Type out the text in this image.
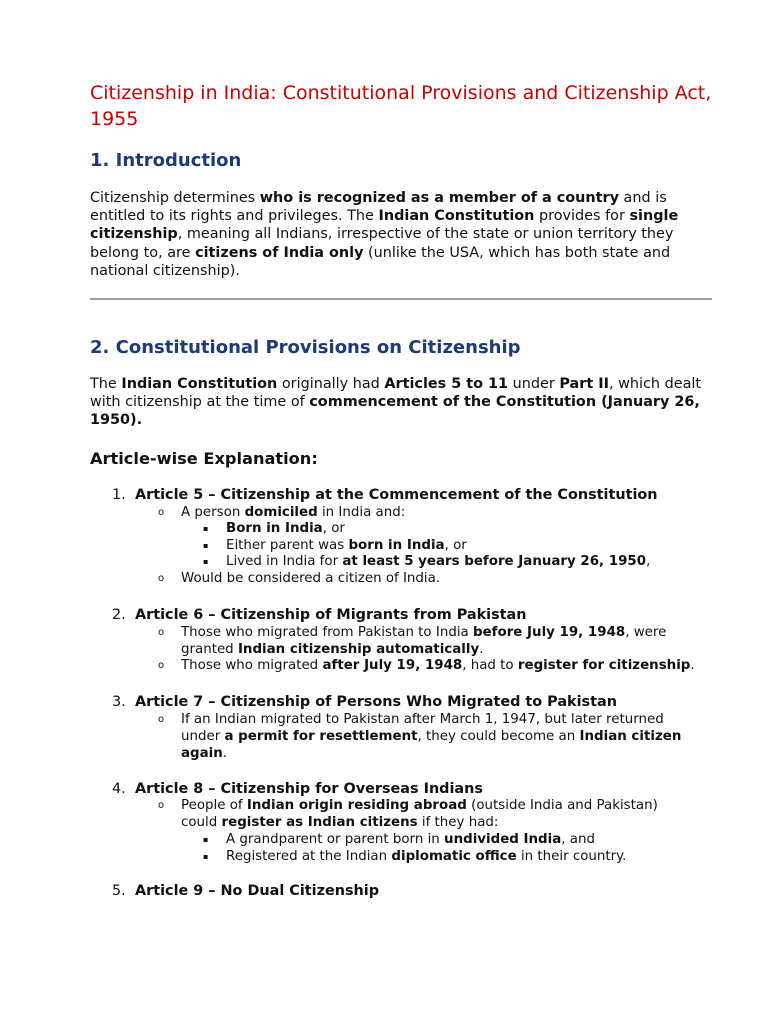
Citizenship in India: Constitutional Provisions and Citizenship Act, 1955
1. Introduction

Citizenship determines who is recognized as a member of a country and is entitled to its rights and privileges. The Indian Constitution provides for single citizenship, meaning all Indians, irrespective of the state or union territory they belong to, are citizens of India only (unlike the USA, which has both state and national citizenship).

2. Constitutional Provisions on Citizenship

The Indian Constitution originally had Articles 5 to 11 under Part II, which dealt with citizenship at the time of commencement of the Constitution (January 26, 1950).

Article-wise Explanation:
1. Article 5 – Citizenship at the Commencement of the Constitution
o A person domiciled in India and:
▪ Born in India, or
▪ Either parent was born in India, or
▪ Lived in India for at least 5 years before January 26, 1950,
o Would be considered a citizen of India.
2. Article 6 – Citizenship of Migrants from Pakistan
o Those who migrated from Pakistan to India before July 19, 1948, were granted Indian citizenship automatically.
o Those who migrated after July 19, 1948, had to register for citizenship.
3. Article 7 – Citizenship of Persons Who Migrated to Pakistan
o If an Indian migrated to Pakistan after March 1, 1947, but later returned under a permit for resettlement, they could become an Indian citizen again.
4. Article 8 – Citizenship for Overseas Indians
o People of Indian origin residing abroad (outside India and Pakistan) could register as Indian citizens if they had:
▪ A grandparent or parent born in undivided India, and
▪ Registered at the Indian diplomatic office in their country.
5. Article 9 – No Dual Citizenship
